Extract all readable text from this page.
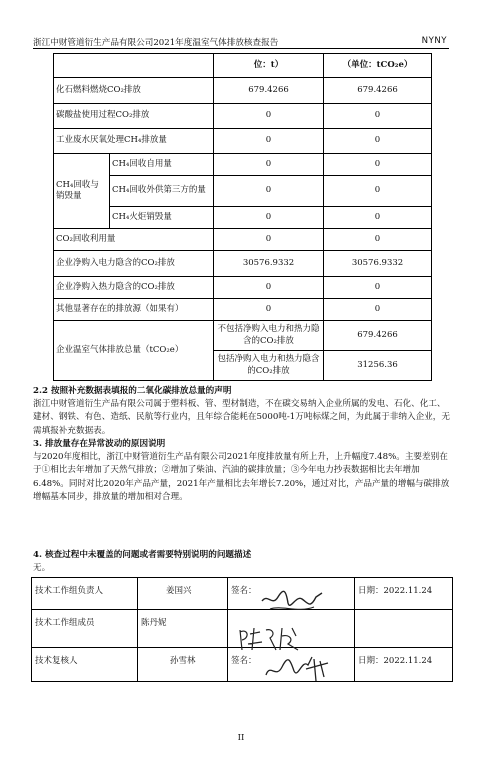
浙江中财管道衍生产品有限公司2021年度温室气体排放核查报告	NYNY
		位：t）	（单位：tCO₂e）
化石燃料燃烧CO₂排放		679.4266	679.4266
碳酸盐使用过程CO₂排放		0	0
工业废水厌氧处理CH₄排放量		0	0
CH₄回收与销毁量	CH₄回收自用量	0	0
	CH₄回收外供第三方的量	0	0
	CH₄火炬销毁量	0	0
CO₂回收利用量		0	0
企业净购入电力隐含的CO₂排放		30576.9332	30576.9332
企业净购入热力隐含的CO₂排放		0	0
其他显著存在的排放源（如果有）		0	0
企业温室气体排放总量（tCO₂e）		不包括净购入电力和热力隐含的CO₂排放	679.4266
		包括净购入电力和热力隐含的CO₂排放	31256.36
2.2 按照补充数据表填报的二氧化碳排放总量的声明
浙江中财管道衍生产品有限公司属于塑料板、管、型材制造，不在碳交易纳入企业所属的发电、石化、化工、建材、钢铁、有色、造纸、民航等行业内，且年综合能耗在5000吨-1万吨标煤之间，为此属于非纳入企业，无需填报补充数据表。
3. 排放量存在异常波动的原因说明
与2020年度相比，浙江中财管道衍生产品有限公司2021年度排放量有所上升，上升幅度7.48%。主要差别在于①相比去年增加了天然气排放；②增加了柴油、汽油的碳排放量；③今年电力抄表数据相比去年增加6.48%。同时对比2020年产品产量，2021年产量相比去年增长7.20%，通过对比，产品产量的增幅与碳排放增幅基本同步，排放量的增加相对合理。
4. 核查过程中未覆盖的问题或者需要特别说明的问题描述
无。
技术工作组负责人	姜国兴	签名：	日期：2022.11.24
技术工作组成员	陈丹妮		
技术复核人	孙雪林	签名：	日期：2022.11.24
II
